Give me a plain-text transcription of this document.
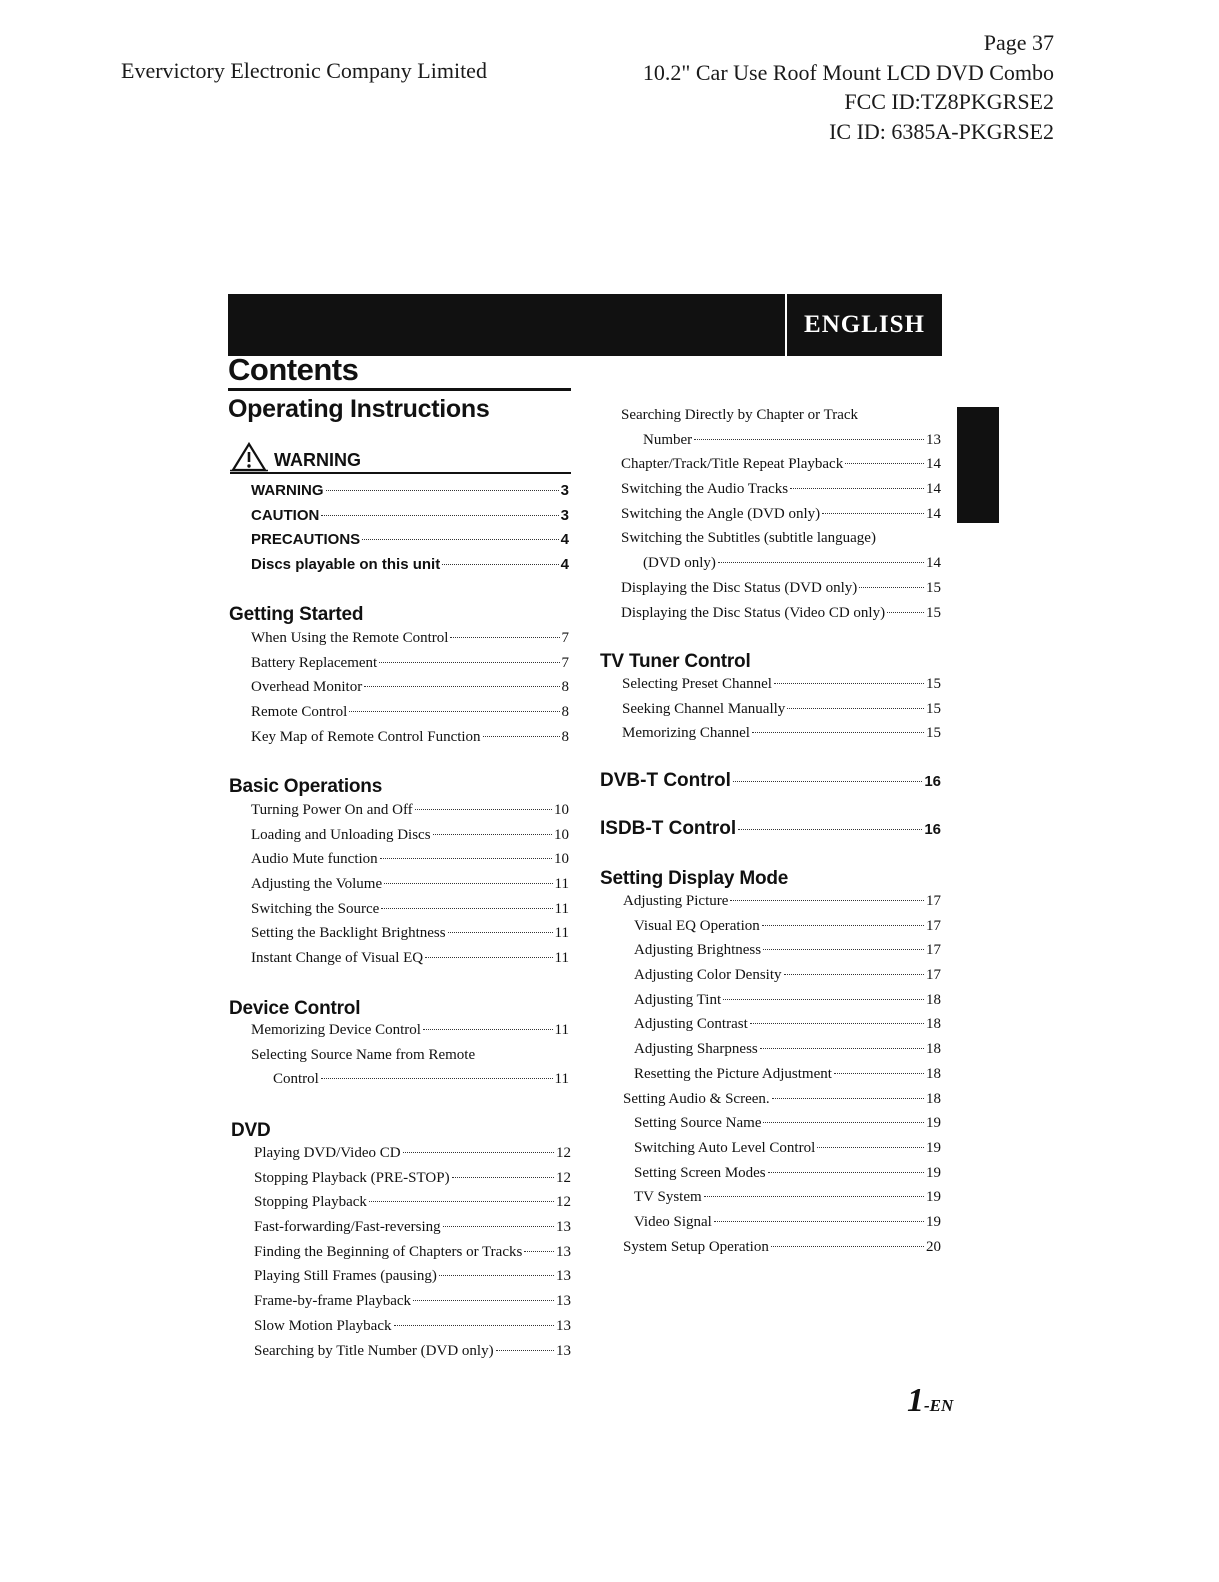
Evervictory Electronic Company Limited
Page 37
10.2" Car Use Roof Mount LCD DVD Combo
FCC ID:TZ8PKGRSE2
IC ID: 6385A-PKGRSE2
ENGLISH
Contents
Operating Instructions
WARNING
WARNING	3
CAUTION	3
PRECAUTIONS	4
Discs playable on this unit	4
Getting Started
When Using the Remote Control	7
Battery Replacement	7
Overhead Monitor	8
Remote Control	8
Key Map of Remote Control Function	8
Basic Operations
Turning Power On and Off	10
Loading and Unloading Discs	10
Audio Mute function	10
Adjusting the Volume	11
Switching the Source	11
Setting the Backlight Brightness	11
Instant Change of Visual EQ	11
Device Control
Memorizing Device Control	11
Selecting Source Name from Remote
Control	11
DVD
Playing DVD/Video CD	12
Stopping Playback (PRE-STOP)	12
Stopping Playback	12
Fast-forwarding/Fast-reversing	13
Finding the Beginning of Chapters or Tracks 13
Playing Still Frames (pausing)	13
Frame-by-frame Playback	13
Slow Motion Playback	13
Searching by Title Number (DVD only)	13
Searching Directly by Chapter or Track
Number	13
Chapter/Track/Title Repeat Playback	14
Switching the Audio Tracks	14
Switching the Angle (DVD only)	14
Switching the Subtitles (subtitle language)
(DVD only)	14
Displaying the Disc Status (DVD only)	15
Displaying the Disc Status (Video CD only)	15
TV Tuner Control
Selecting Preset Channel	15
Seeking Channel Manually	15
Memorizing Channel	15
DVB-T Control	16
ISDB-T Control	16
Setting Display Mode
Adjusting Picture	17
Visual EQ Operation	17
Adjusting Brightness	17
Adjusting Color Density	17
Adjusting Tint	18
Adjusting Contrast	18
Adjusting Sharpness	18
Resetting the Picture Adjustment	18
Setting Audio & Screen.	18
Setting Source Name	19
Switching Auto Level Control	19
Setting Screen Modes	19
TV System	19
Video Signal	19
System Setup Operation	20
1-EN
